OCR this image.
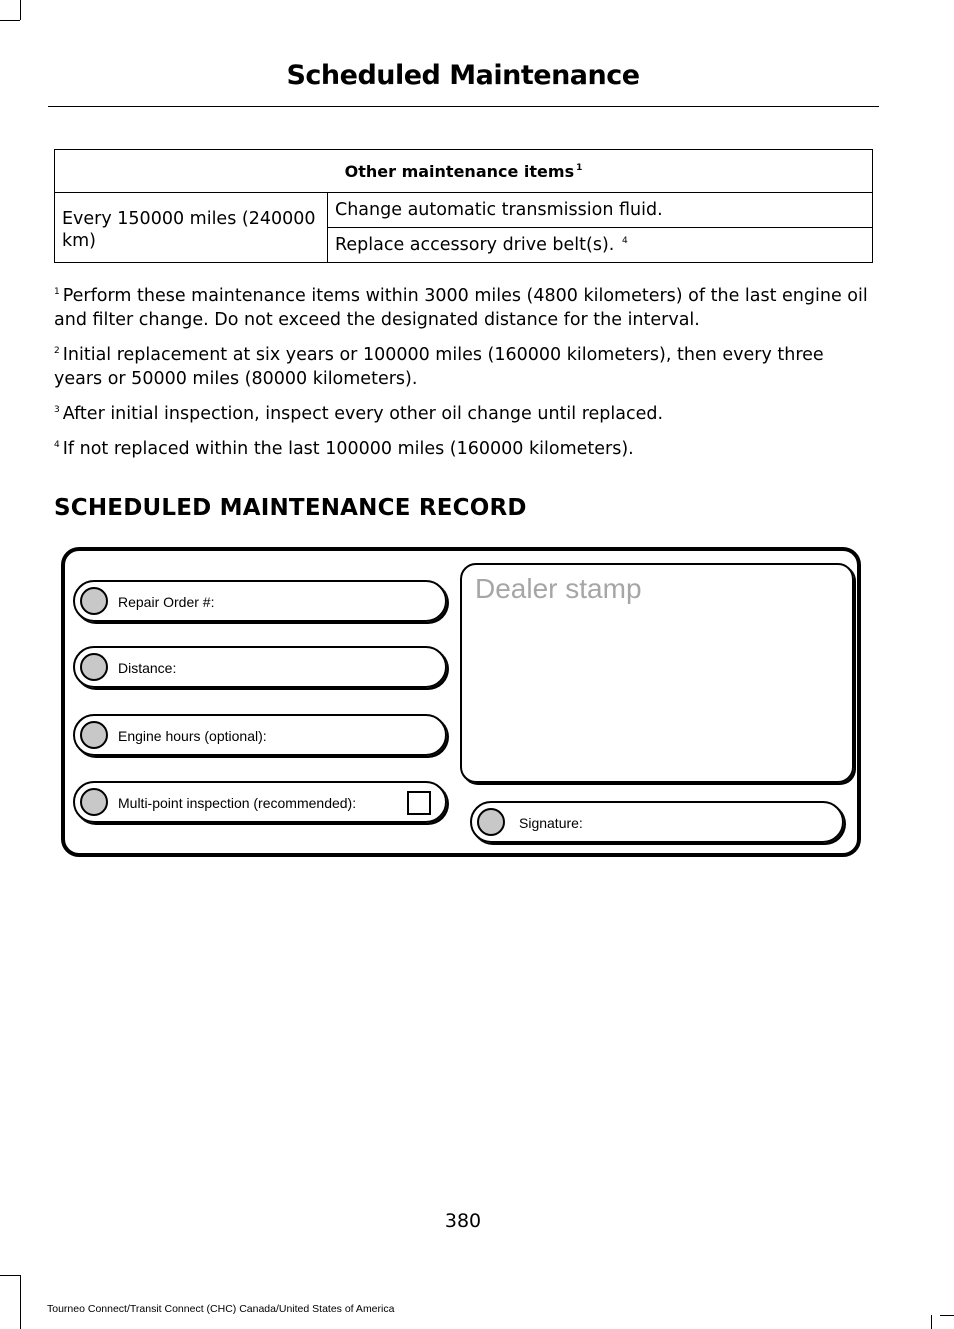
Scheduled Maintenance
Other maintenance items $^1$
Every 150000 miles (240000 km)	Change automatic transmission fluid.
Replace accessory drive belt(s). $^4$
$^1$ Perform these maintenance items within 3000 miles (4800 kilometers) of the last engine oil and filter change. Do not exceed the designated distance for the interval.
$^2$ Initial replacement at six years or 100000 miles (160000 kilometers), then every three years or 50000 miles (80000 kilometers).
$^3$ After initial inspection, inspect every other oil change until replaced.
$^4$ If not replaced within the last 100000 miles (160000 kilometers).
SCHEDULED MAINTENANCE RECORD
Repair Order #:
Distance:
Engine hours (optional):
Multi-point inspection (recommended):
Dealer stamp
Signature:
380
Tourneo Connect/Transit Connect (CHC) Canada/United States of America
